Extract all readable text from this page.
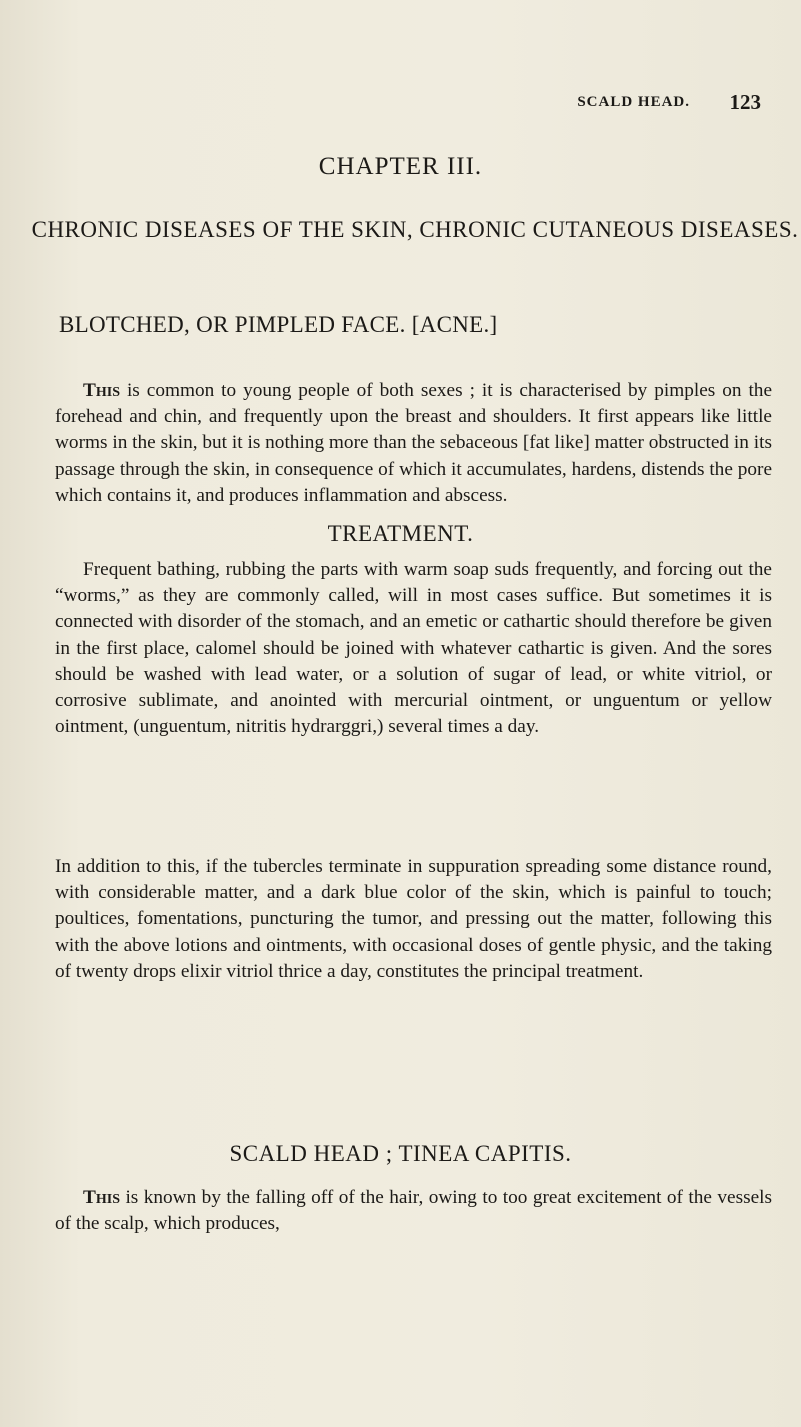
SCALD HEAD. 123
CHAPTER III.
CHRONIC DISEASES OF THE SKIN, CHRONIC CUTANEOUS DISEASES.
BLOTCHED, OR PIMPLED FACE. [ACNE.]

This is common to young people of both sexes ; it is characterised by pimples on the forehead and chin, and frequently upon the breast and shoulders. It first appears like little worms in the skin, but it is nothing more than the sebaceous [fat like] matter obstructed in its passage through the skin, in consequence of which it accumulates, hardens, distends the pore which contains it, and produces inflammation and abscess.

TREATMENT.

Frequent bathing, rubbing the parts with warm soap suds frequently, and forcing out the “worms,” as they are commonly called, will in most cases suffice. But sometimes it is connected with disorder of the stomach, and an emetic or cathartic should therefore be given in the first place, calomel should be joined with whatever cathartic is given. And the sores should be washed with lead water, or a solution of sugar of lead, or white vitriol, or corrosive sublimate, and anointed with mercurial ointment, or unguentum or yellow ointment, (unguentum, nitritis hydrarggri,) several times a day.

In addition to this, if the tubercles terminate in suppuration spreading some distance round, with considerable matter, and a dark blue color of the skin, which is painful to touch; poultices, fomentations, puncturing the tumor, and pressing out the matter, following this with the above lotions and ointments, with occasional doses of gentle physic, and the taking of twenty drops elixir vitriol thrice a day, constitutes the principal treatment.

SCALD HEAD ; TINEA CAPITIS.

This is known by the falling off of the hair, owing to too great excitement of the vessels of the scalp, which produces,
